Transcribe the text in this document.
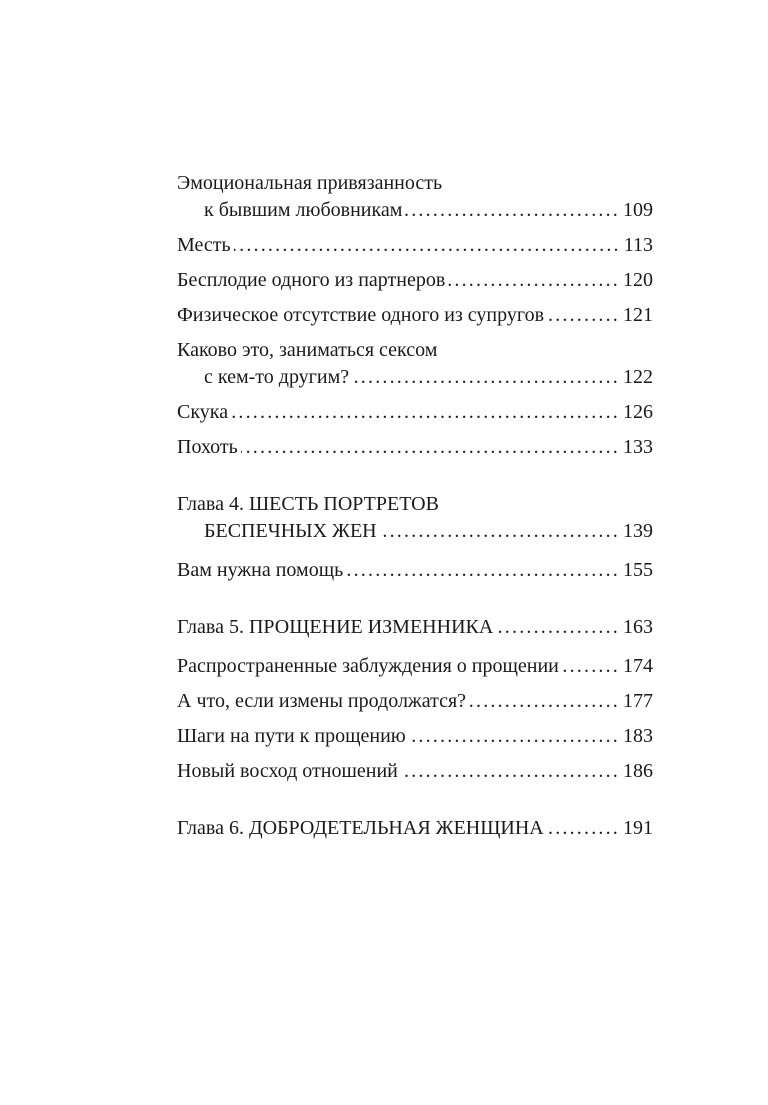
Эмоциональная привязанность
к бывшим любовникам .....	109
Месть .....	113
Бесплодие одного из партнеров .....	120
Физическое отсутствие одного из супругов .....	121
Каково это, заниматься сексом
с кем-то другим? .....	122
Скука .....	126
Похоть .....	133
Глава 4. ШЕСТЬ ПОРТРЕТОВ
БЕСПЕЧНЫХ ЖЕН .....	139
Вам нужна помощь .....	155
Глава 5. ПРОЩЕНИЕ ИЗМЕННИКА .....	163
Распространенные заблуждения о прощении .....	174
А что, если измены продолжатся? .....	177
Шаги на пути к прощению .....	183
Новый восход отношений .....	186
Глава 6. ДОБРОДЕТЕЛЬНАЯ ЖЕНЩИНА .....	191
